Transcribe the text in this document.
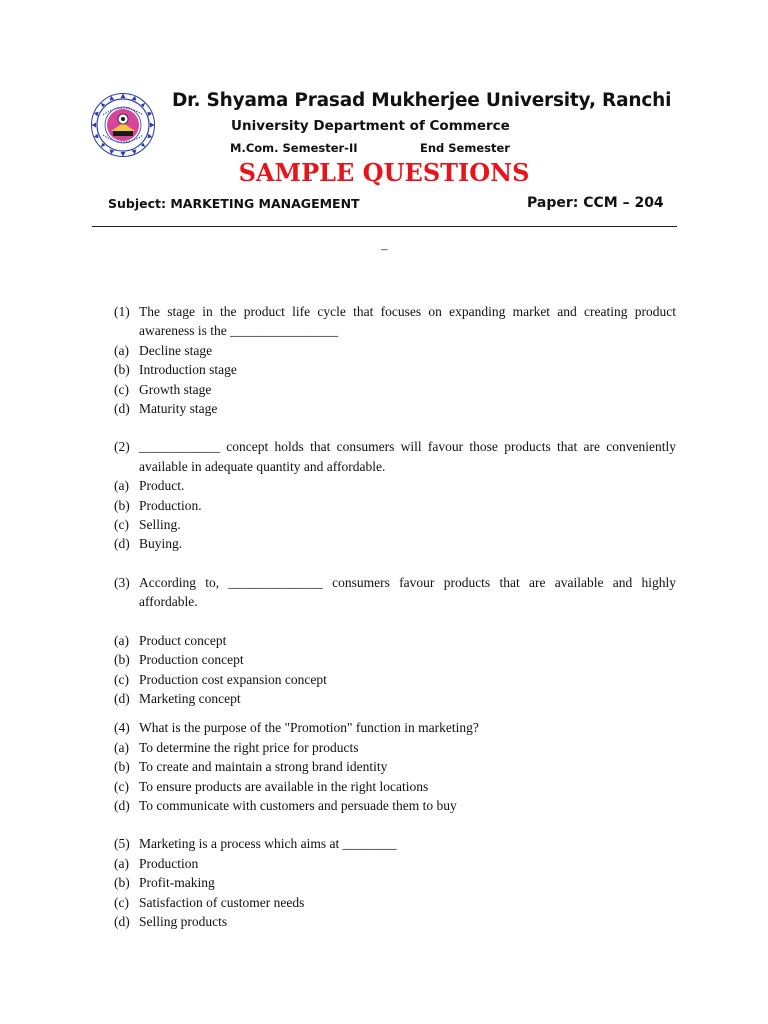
Dr. Shyama Prasad Mukherjee University, Ranchi
University Department of Commerce
M.Com. Semester-II	End Semester
SAMPLE QUESTIONS
Subject: MARKETING MANAGEMENT	Paper: CCM – 204
–
(1) The stage in the product life cycle that focuses on expanding market and creating product awareness is the ________________
(a) Decline stage
(b) Introduction stage
(c) Growth stage
(d) Maturity stage
(2) ____________ concept holds that consumers will favour those products that are conveniently available in adequate quantity and affordable.
(a) Product.
(b) Production.
(c) Selling.
(d) Buying.
(3) According to, ______________ consumers favour products that are available and highly affordable.
(a) Product concept
(b) Production concept
(c) Production cost expansion concept
(d) Marketing concept
(4) What is the purpose of the "Promotion" function in marketing?
(a) To determine the right price for products
(b) To create and maintain a strong brand identity
(c) To ensure products are available in the right locations
(d) To communicate with customers and persuade them to buy
(5) Marketing is a process which aims at ________
(a) Production
(b) Profit-making
(c) Satisfaction of customer needs
(d) Selling products
